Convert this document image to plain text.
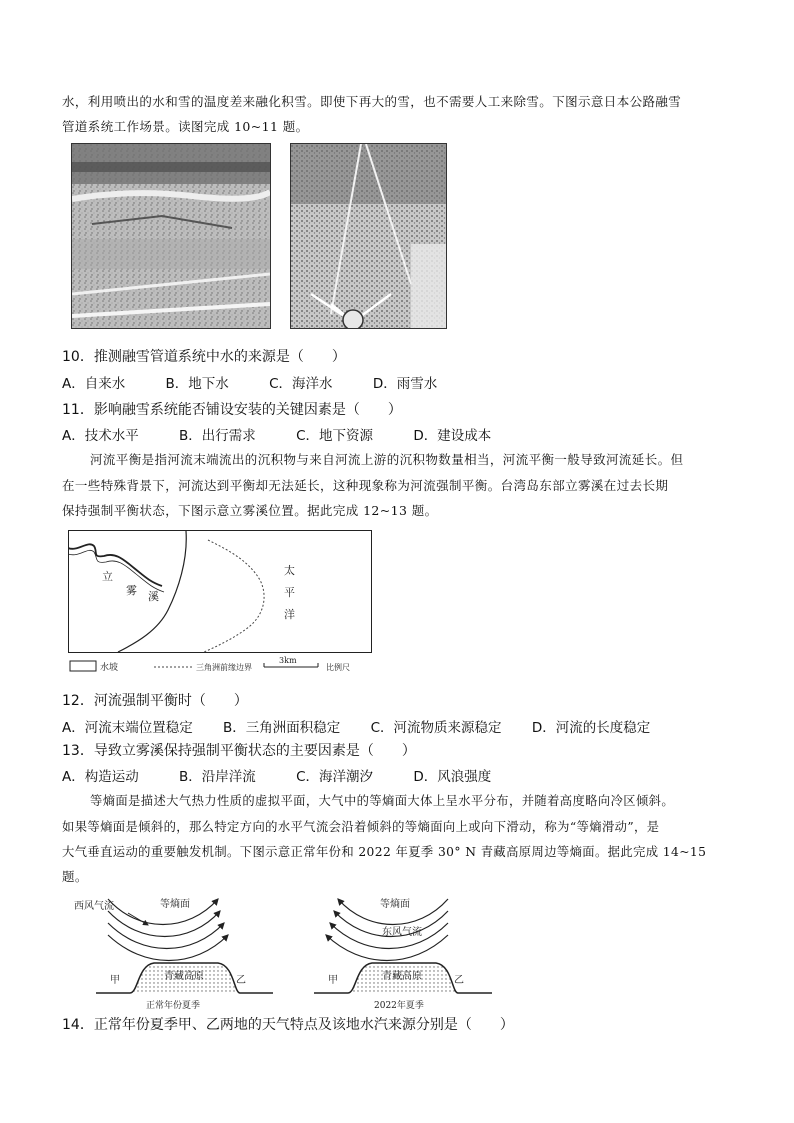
水，利用喷出的水和雪的温度差来融化积雪。即使下再大的雪，也不需要人工来除雪。下图示意日本公路融雪
管道系统工作场景。读图完成 10~11 题。
10．推测融雪管道系统中水的来源是（　　）
A．自来水	B．地下水	C．海洋水	D．雨雪水
11．影响融雪系统能否铺设安装的关键因素是（　　）
A．技术水平	B．出行需求	C．地下资源	D．建设成本
河流平衡是指河流末端流出的沉积物与来自河流上游的沉积物数量相当，河流平衡一般导致河流延长。但
在一些特殊背景下，河流达到平衡却无法延长，这种现象称为河流强制平衡。台湾岛东部立雾溪在过去长期
保持强制平衡状态，下图示意立雾溪位置。据此完成 12~13 题。
立
雾 溪
太
平
洋
水坡	三角洲前缘边界
3km
比例尺
12．河流强制平衡时（　　）
A．河流末端位置稳定 B．三角洲面积稳定 C．河流物质来源稳定 D．河流的长度稳定
13．导致立雾溪保持强制平衡状态的主要因素是（　　）
A．构造运动	B．沿岸洋流	C．海洋潮汐	D．风浪强度
等熵面是描述大气热力性质的虚拟平面，大气中的等熵面大体上呈水平分布，并随着高度略向冷区倾斜。
如果等熵面是倾斜的，那么特定方向的水平气流会沿着倾斜的等熵面向上或向下滑动，称为“等熵滑动”，是
大气垂直运动的重要触发机制。下图示意正常年份和 2022 年夏季 30° N 青藏高原周边等熵面。据此完成 14~15
题。
西风气流	等熵面
青藏高原
甲	乙
正常年份夏季
等熵面
东风气流
青藏高原
甲	乙
2022年夏季
14．正常年份夏季甲、乙两地的天气特点及该地水汽来源分别是（　　）
